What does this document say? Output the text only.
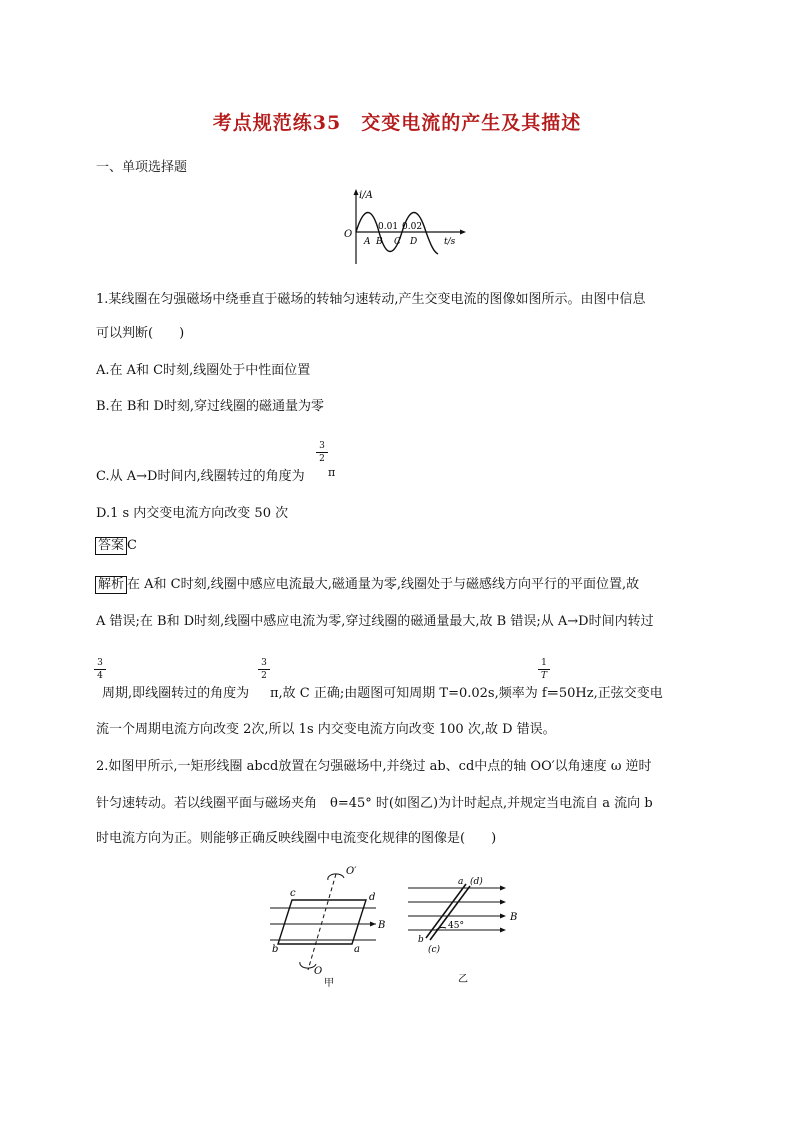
考点规范练35　交变电流的产生及其描述
一、单项选择题
i/A
O
0.01 0.02
t/s
A B C D
1.某线圈在匀强磁场中绕垂直于磁场的转轴匀速转动,产生交变电流的图像如图所示。由图中信息
可以判断(　　)
A.在 A和 C时刻,线圈处于中性面位置
B.在 B和 D时刻,穿过线圈的磁通量为零
C.从 A→D时间内,线圈转过的角度为
3
2
π
D.1 s 内交变电流方向改变 50 次
答案 C
解析 在 A和 C时刻,线圈中感应电流最大,磁通量为零,线圈处于与磁感线方向平行的平面位置,故
A 错误;在 B和 D时刻,线圈中感应电流为零,穿过线圈的磁通量最大,故 B 错误;从 A→D时间内转过
3
4
周期,即线圈转过的角度为
3
2
π,故 C 正确;由题图可知周期 T=0.02s,频率为 f=
1
T
=50Hz,正弦交变电
流一个周期电流方向改变 2次,所以 1s 内交变电流方向改变 100 次,故 D 错误。
2.如图甲所示,一矩形线圈 abcd放置在匀强磁场中,并绕过 ab、cd中点的轴 OO′以角速度 ω 逆时
针匀速转动。若以线圈平面与磁场夹角　θ=45° 时(如图乙)为计时起点,并规定当电流自 a 流向 b
时电流方向为正。则能够正确反映线圈中电流变化规律的图像是(　　)
c	d
b	a
B
O′
O
甲
a (d)
B
b
(c)
45°
乙
